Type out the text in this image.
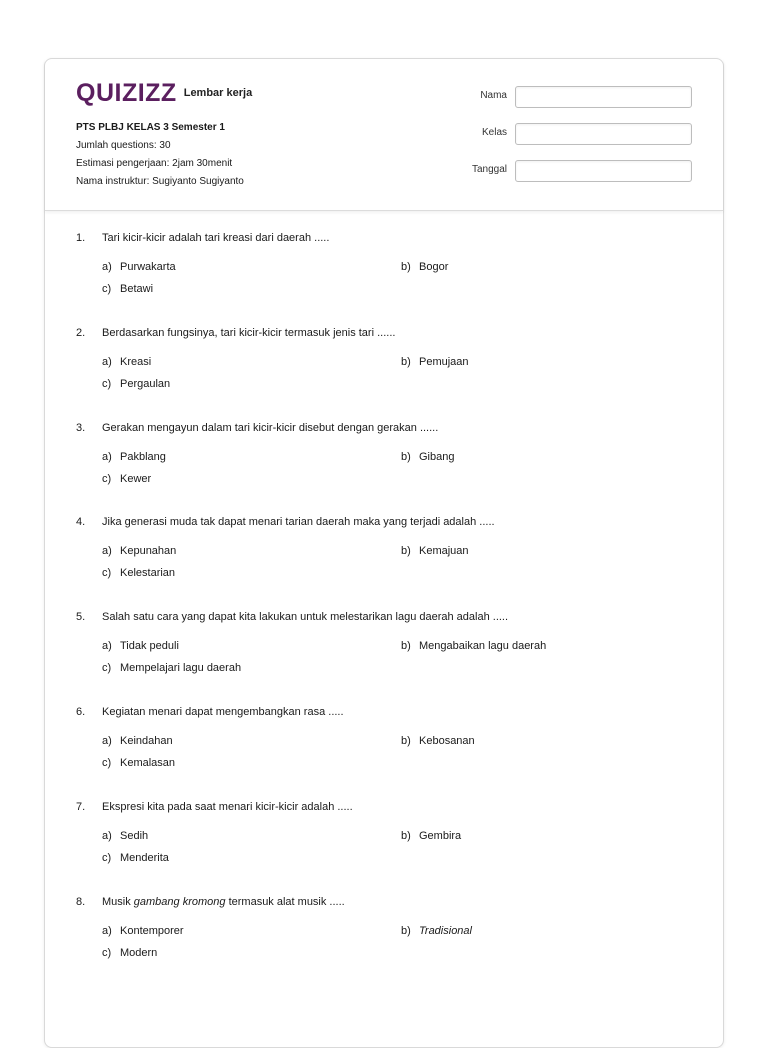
QUIZIZZ Lembar kerja
PTS PLBJ KELAS 3 Semester 1
Jumlah questions: 30
Estimasi pengerjaan: 2jam 30menit
Nama instruktur: Sugiyanto Sugiyanto
Nama
Kelas
Tanggal
1. Tari kicir-kicir adalah tari kreasi dari daerah .....
a) Purwakarta	b) Bogor
c) Betawi
2. Berdasarkan fungsinya, tari kicir-kicir termasuk jenis tari ......
a) Kreasi	b) Pemujaan
c) Pergaulan
3. Gerakan mengayun dalam tari kicir-kicir disebut dengan gerakan ......
a) Pakblang	b) Gibang
c) Kewer
4. Jika generasi muda tak dapat menari tarian daerah maka yang terjadi adalah .....
a) Kepunahan	b) Kemajuan
c) Kelestarian
5. Salah satu cara yang dapat kita lakukan untuk melestarikan lagu daerah adalah .....
a) Tidak peduli	b) Mengabaikan lagu daerah
c) Mempelajari lagu daerah
6. Kegiatan menari dapat mengembangkan rasa .....
a) Keindahan	b) Kebosanan
c) Kemalasan
7. Ekspresi kita pada saat menari kicir-kicir adalah .....
a) Sedih	b) Gembira
c) Menderita
8. Musik gambang kromong termasuk alat musik .....
a) Kontemporer	b) Tradisional
c) Modern
